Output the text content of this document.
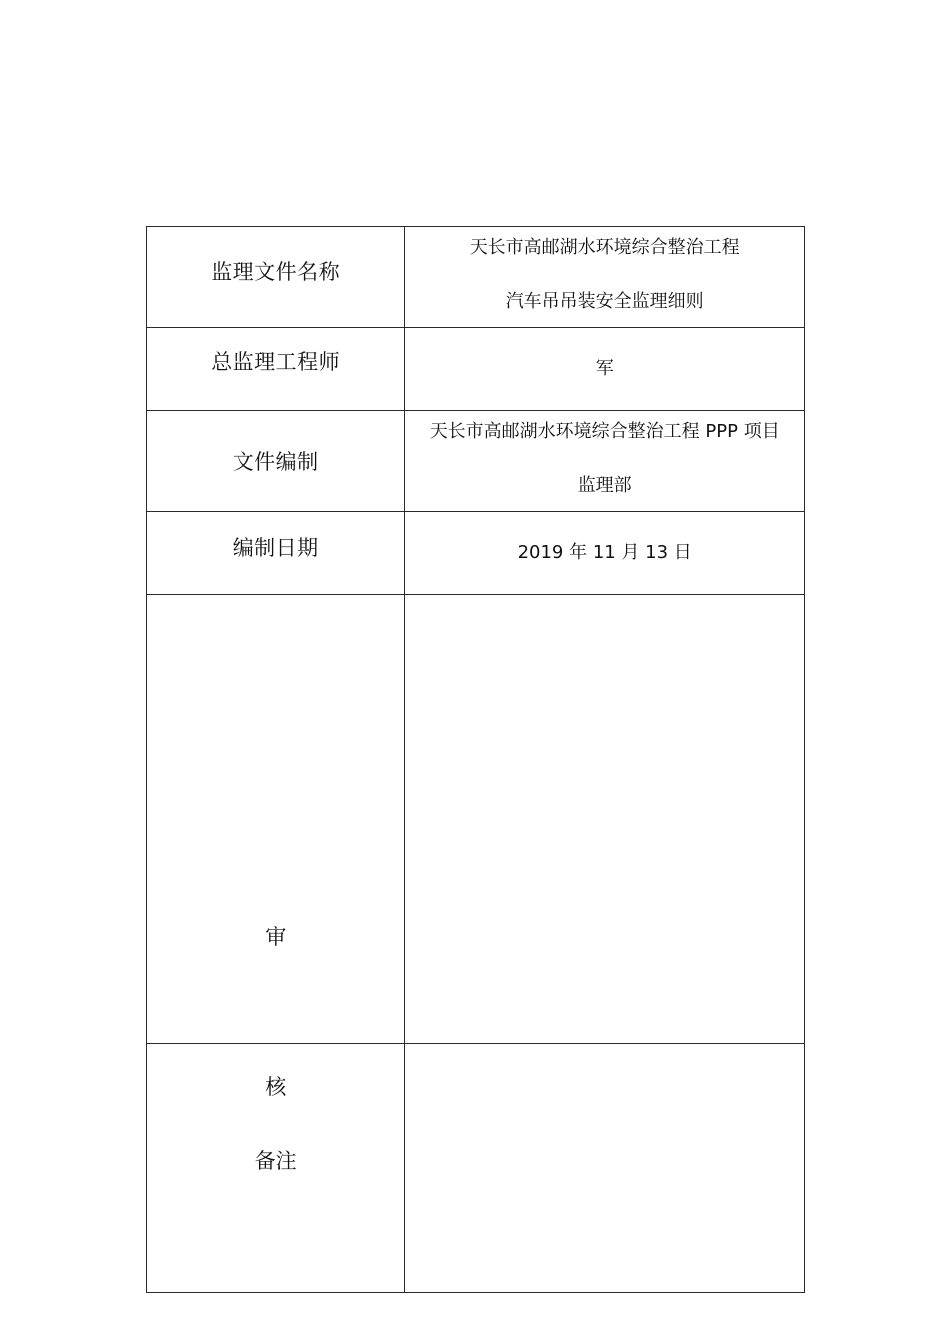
监理文件名称	天长市高邮湖水环境综合整治工程
汽车吊吊装安全监理细则

总监理工程师	军
文件编制	天长市高邮湖水环境综合整治工程 PPP 项目
监理部

编制日期	2019 年 11 月 13 日

审
核	

备注	
